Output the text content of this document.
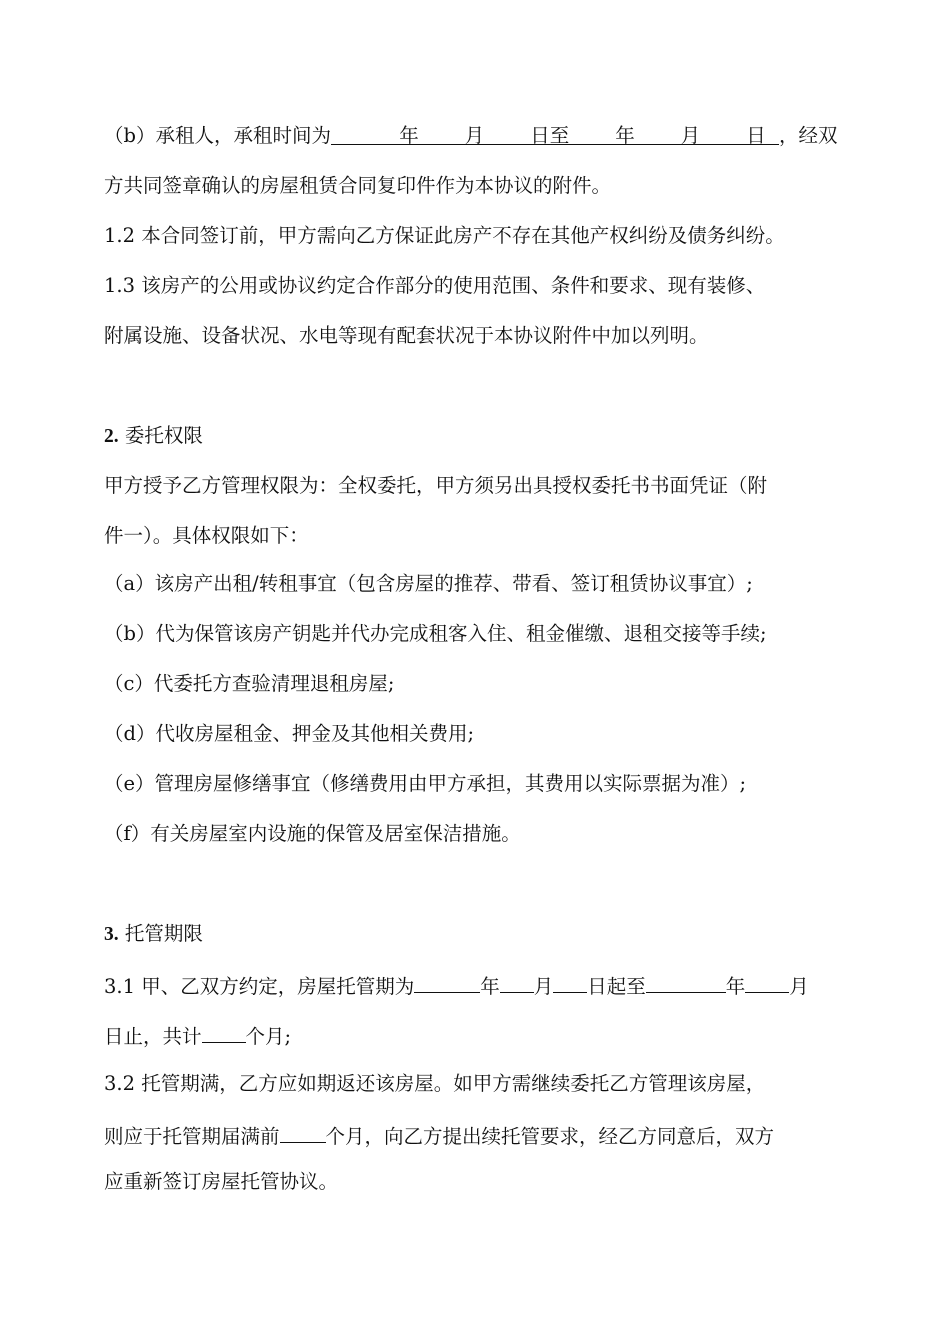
（b）承租人，承租时间为	年 月 日至 年 月 日 ，经双
方共同签章确认的房屋租赁合同复印件作为本协议的附件。
1.2 本合同签订前，甲方需向乙方保证此房产不存在其他产权纠纷及债务纠纷。
1.3 该房产的公用或协议约定合作部分的使用范围、条件和要求、现有装修、
附属设施、设备状况、水电等现有配套状况于本协议附件中加以列明。
2. 委托权限
甲方授予乙方管理权限为：全权委托，甲方须另出具授权委托书书面凭证（附
件一）。具体权限如下：
（a）该房产出租/转租事宜（包含房屋的推荐、带看、签订租赁协议事宜）;
（b）代为保管该房产钥匙并代办完成租客入住、租金催缴、退租交接等手续;
（c）代委托方查验清理退租房屋;
（d）代收房屋租金、押金及其他相关费用;
（e）管理房屋修缮事宜（修缮费用由甲方承担，其费用以实际票据为准）;
（f）有关房屋室内设施的保管及居室保洁措施。
3. 托管期限
3.1 甲、乙双方约定，房屋托管期为	年 月 日起至	年 月
日止，共计 个月;
3.2 托管期满，乙方应如期返还该房屋。如甲方需继续委托乙方管理该房屋，
则应于托管期届满前 个月，向乙方提出续托管要求，经乙方同意后，双方
应重新签订房屋托管协议。
